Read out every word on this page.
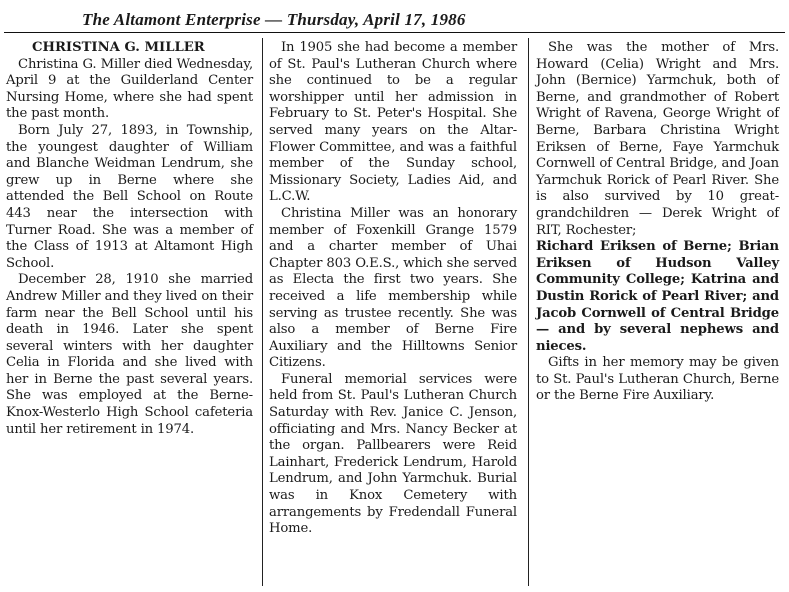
The Altamont Enterprise — Thursday, April 17, 1986
CHRISTINA G. MILLER

Christina G. Miller died Wednesday, April 9 at the Guilderland Center Nursing Home, where she had spent the past month.

Born July 27, 1893, in Township, the youngest daughter of William and Blanche Weidman Lendrum, she grew up in Berne where she attended the Bell School on Route 443 near the intersection with Turner Road. She was a member of the Class of 1913 at Altamont High School.

December 28, 1910 she married Andrew Miller and they lived on their farm near the Bell School until his death in 1946. Later she spent several winters with her daughter Celia in Florida and she lived with her in Berne the past several years. She was employed at the Berne-Knox-Westerlo High School cafeteria until her retirement in 1974.

In 1905 she had become a member of St. Paul's Lutheran Church where she continued to be a regular worshipper until her admission in February to St. Peter's Hospital. She served many years on the Altar-Flower Committee, and was a faithful member of the Sunday school, Missionary Society, Ladies Aid, and L.C.W.

Christina Miller was an honorary member of Foxenkill Grange 1579 and a charter member of Uhai Chapter 803 O.E.S., which she served as Electa the first two years. She received a life membership while serving as trustee recently. She was also a member of Berne Fire Auxiliary and the Hilltowns Senior Citizens.

Funeral memorial services were held from St. Paul's Lutheran Church Saturday with Rev. Janice C. Jenson, officiating and Mrs. Nancy Becker at the organ. Pallbearers were Reid Lainhart, Frederick Lendrum, Harold Lendrum, and John Yarmchuk. Burial was in Knox Cemetery with arrangements by Fredendall Funeral Home.

She was the mother of Mrs. Howard (Celia) Wright and Mrs. John (Bernice) Yarmchuk, both of Berne, and grandmother of Robert Wright of Ravena, George Wright of Berne, Barbara Christina Wright Eriksen of Berne, Faye Yarmchuk Cornwell of Central Bridge, and Joan Yarmchuk Rorick of Pearl River. She is also survived by 10 great-grandchildren — Derek Wright of RIT, Rochester;

Richard Eriksen of Berne; Brian Eriksen of Hudson Valley Community College; Katrina and Dustin Rorick of Pearl River; and Jacob Cornwell of Central Bridge — and by several nephews and nieces.

Gifts in her memory may be given to St. Paul's Lutheran Church, Berne or the Berne Fire Auxiliary.
